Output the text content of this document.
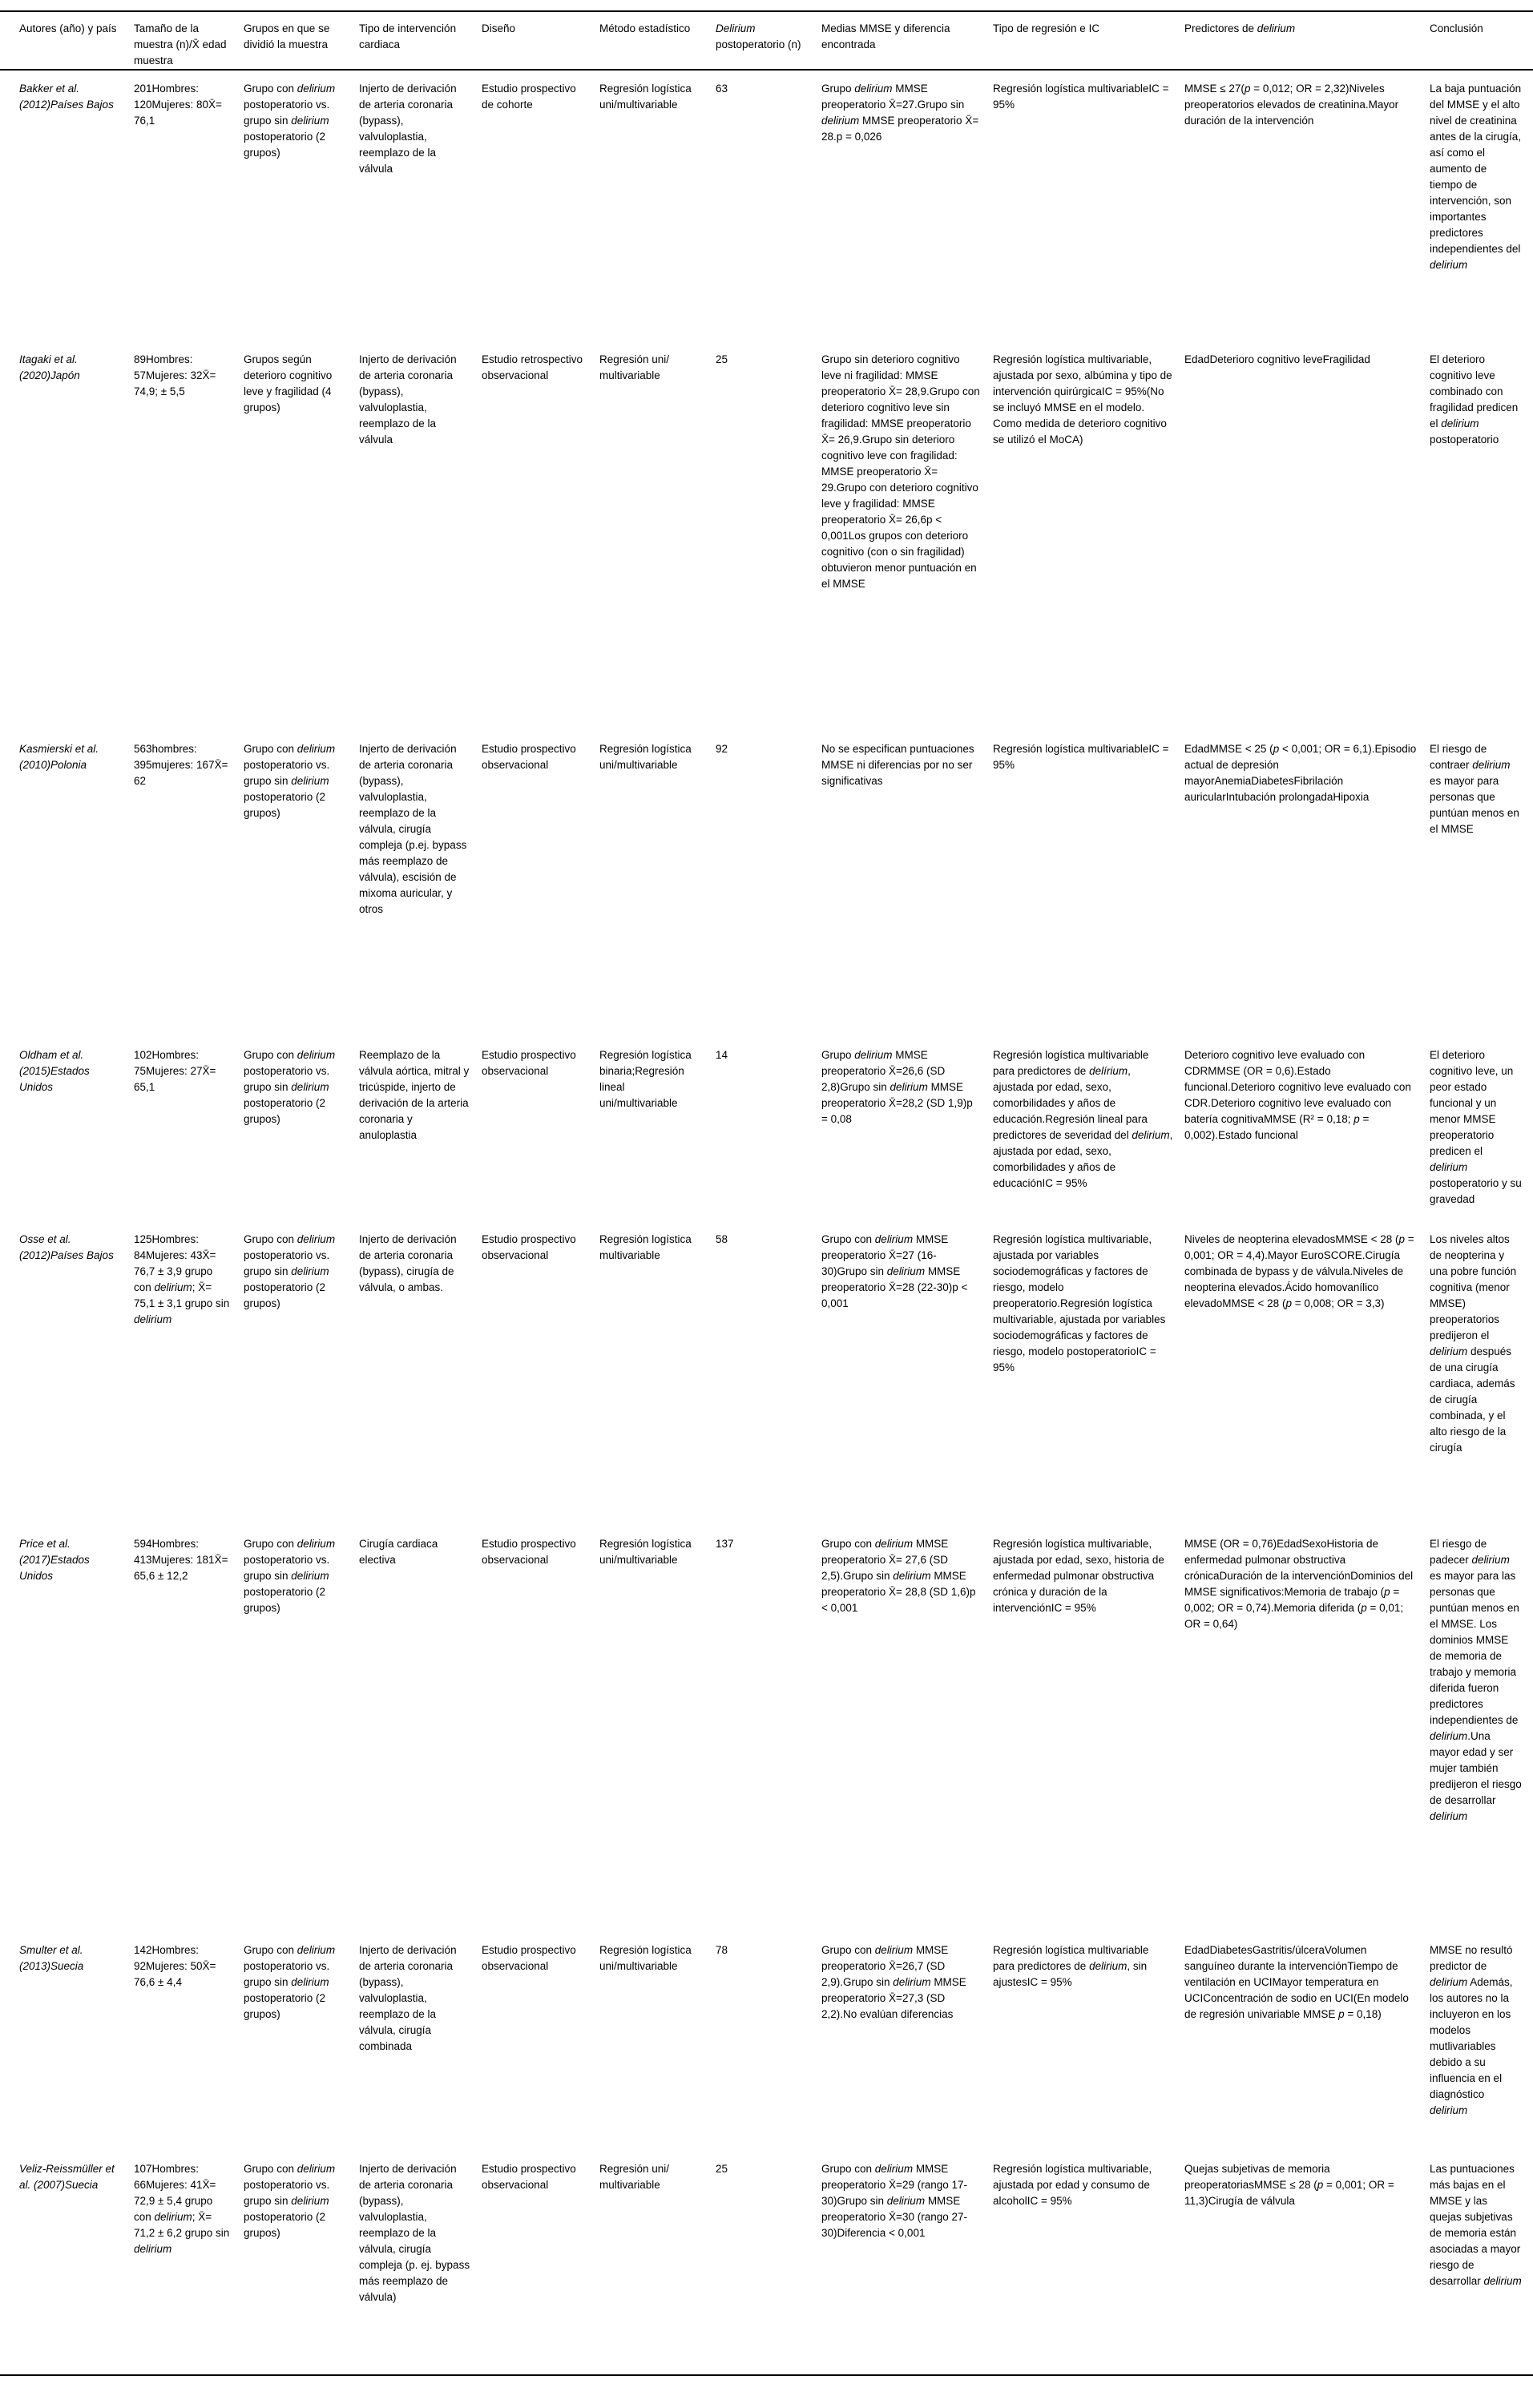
Autores (año) y país	Tamaño de la muestra (n)/X̄ edad muestra	Grupos en que se dividió la muestra	Tipo de intervención cardiaca	Diseño	Método estadístico	Delirium postoperatorio (n)	Medias MMSE y diferencia encontrada	Tipo de regresión e IC	Predictores de delirium	Conclusión
Bakker et al. (2012)Países Bajos	201Hombres: 120Mujeres: 80X̄= 76,1	Grupo con delirium postoperatorio vs. grupo sin delirium postoperatorio (2 grupos)	Injerto de derivación de arteria coronaria (bypass), valvuloplastia, reemplazo de la válvula	Estudio prospectivo de cohorte	Regresión logística uni/multivariable	63	Grupo delirium MMSE preoperatorio X̄=27.Grupo sin delirium MMSE preoperatorio X̄= 28.p = 0,026	Regresión logística multivariableIC = 95%	MMSE ≤ 27(p = 0,012; OR = 2,32)Niveles preoperatorios elevados de creatinina.Mayor duración de la intervención	La baja puntuación del MMSE y el alto nivel de creatinina antes de la cirugía, así como el aumento de tiempo de intervención, son importantes predictores independientes del delirium
Itagaki et al. (2020)Japón	89Hombres: 57Mujeres: 32X̄= 74,9; ± 5,5	Grupos según deterioro cognitivo leve y fragilidad (4 grupos)	Injerto de derivación de arteria coronaria (bypass), valvuloplastia, reemplazo de la válvula	Estudio retrospectivo observacional	Regresión uni/ multivariable	25	Grupo sin deterioro cognitivo leve ni fragilidad: MMSE preoperatorio X̄= 28,9.Grupo con deterioro cognitivo leve sin fragilidad: MMSE preoperatorio X̄= 26,9.Grupo sin deterioro cognitivo leve con fragilidad: MMSE preoperatorio X̄= 29.Grupo con deterioro cognitivo leve y fragilidad: MMSE preoperatorio X̄= 26,6p < 0,001Los grupos con deterioro cognitivo (con o sin fragilidad) obtuvieron menor puntuación en el MMSE	Regresión logística multivariable, ajustada por sexo, albúmina y tipo de intervención quirúrgicaIC = 95%(No se incluyó MMSE en el modelo. Como medida de deterioro cognitivo se utilizó el MoCA)	EdadDeterioro cognitivo leveFragilidad	El deterioro cognitivo leve combinado con fragilidad predicen el delirium postoperatorio
Kasmierski et al. (2010)Polonia	563hombres: 395mujeres: 167X̄= 62	Grupo con delirium postoperatorio vs. grupo sin delirium postoperatorio (2 grupos)	Injerto de derivación de arteria coronaria (bypass), valvuloplastia, reemplazo de la válvula, cirugía compleja (p.ej. bypass más reemplazo de válvula), escisión de mixoma auricular, y otros	Estudio prospectivo observacional	Regresión logística uni/multivariable	92	No se especifican puntuaciones MMSE ni diferencias por no ser significativas	Regresión logística multivariableIC = 95%	EdadMMSE < 25 (p < 0,001; OR = 6,1).Episodio actual de depresión mayorAnemiaDiabetesFibrilación auricularIntubación prolongadaHipoxia	El riesgo de contraer delirium es mayor para personas que puntúan menos en el MMSE
Oldham et al. (2015)Estados Unidos	102Hombres: 75Mujeres: 27X̄= 65,1	Grupo con delirium postoperatorio vs. grupo sin delirium postoperatorio (2 grupos)	Reemplazo de la válvula aórtica, mitral y tricúspide, injerto de derivación de la arteria coronaria y anuloplastia	Estudio prospectivo observacional	Regresión logística binaria;Regresión lineal uni/multivariable	14	Grupo delirium MMSE preoperatorio X̄=26,6 (SD 2,8)Grupo sin delirium MMSE preoperatorio X̄=28,2 (SD 1,9)p = 0,08	Regresión logística multivariable para predictores de delírium, ajustada por edad, sexo, comorbilidades y años de educación.Regresión lineal para predictores de severidad del delirium, ajustada por edad, sexo, comorbilidades y años de educaciónIC = 95%	Deterioro cognitivo leve evaluado con CDRMMSE (OR = 0,6).Estado funcional.Deterioro cognitivo leve evaluado con CDR.Deterioro cognitivo leve evaluado con batería cognitivaMMSE (R² = 0,18; p = 0,002).Estado funcional	El deterioro cognitivo leve, un peor estado funcional y un menor MMSE preoperatorio predicen el delirium postoperatorio y su gravedad
Osse et al. (2012)Países Bajos	125Hombres: 84Mujeres: 43X̄= 76,7 ± 3,9 grupo con delirium; X̄= 75,1 ± 3,1 grupo sin delirium	Grupo con delirium postoperatorio vs. grupo sin delirium postoperatorio (2 grupos)	Injerto de derivación de arteria coronaria (bypass), cirugía de válvula, o ambas.	Estudio prospectivo observacional	Regresión logística multivariable	58	Grupo con delirium MMSE preoperatorio X̄=27 (16-30)Grupo sin delirium MMSE preoperatorio X̄=28 (22-30)p < 0,001	Regresión logística multivariable, ajustada por variables sociodemográficas y factores de riesgo, modelo preoperatorio.Regresión logística multivariable, ajustada por variables sociodemográficas y factores de riesgo, modelo postoperatorioIC = 95%	Niveles de neopterina elevadosMMSE < 28 (p = 0,001; OR = 4,4).Mayor EuroSCORE.Cirugía combinada de bypass y de válvula.Niveles de neopterina elevados.Ácido homovanílico elevadoMMSE < 28 (p = 0,008; OR = 3,3)	Los niveles altos de neopterina y una pobre función cognitiva (menor MMSE) preoperatorios predijeron el delirium después de una cirugía cardiaca, además de cirugía combinada, y el alto riesgo de la cirugía
Price et al. (2017)Estados Unidos	594Hombres: 413Mujeres: 181X̄= 65,6 ± 12,2	Grupo con delirium postoperatorio vs. grupo sin delirium postoperatorio (2 grupos)	Cirugía cardiaca electiva	Estudio prospectivo observacional	Regresión logística uni/multivariable	137	Grupo con delirium MMSE preoperatorio X̄= 27,6 (SD 2,5).Grupo sin delirium MMSE preoperatorio X̄= 28,8 (SD 1,6)p < 0,001	Regresión logística multivariable, ajustada por edad, sexo, historia de enfermedad pulmonar obstructiva crónica y duración de la intervenciónIC = 95%	MMSE (OR = 0,76)EdadSexoHistoria de enfermedad pulmonar obstructiva crónicaDuración de la intervenciónDominios del MMSE significativos:Memoria de trabajo (p = 0,002; OR = 0,74).Memoria diferida (p = 0,01; OR = 0,64)	El riesgo de padecer delirium es mayor para las personas que puntúan menos en el MMSE. Los dominios MMSE de memoria de trabajo y memoria diferida fueron predictores independientes de delirium.Una mayor edad y ser mujer también predijeron el riesgo de desarrollar delirium
Smulter et al. (2013)Suecia	142Hombres: 92Mujeres: 50X̄= 76,6 ± 4,4	Grupo con delirium postoperatorio vs. grupo sin delirium postoperatorio (2 grupos)	Injerto de derivación de arteria coronaria (bypass), valvuloplastia, reemplazo de la válvula, cirugía combinada	Estudio prospectivo observacional	Regresión logística uni/multivariable	78	Grupo con delirium MMSE preoperatorio X̄=26,7 (SD 2,9).Grupo sin delirium MMSE preoperatorio X̄=27,3 (SD 2,2).No evalúan diferencias	Regresión logística multivariable para predictores de delirium, sin ajustesIC = 95%	EdadDiabetesGastritis/úlceraVolumen sanguíneo durante la intervenciónTiempo de ventilación en UCIMayor temperatura en UCIConcentración de sodio en UCI(En modelo de regresión univariable MMSE p = 0,18)	MMSE no resultó predictor de delirium Además, los autores no la incluyeron en los modelos mutlivariables debido a su influencia en el diagnóstico delirium
Veliz-Reissmüller et al. (2007)Suecia	107Hombres: 66Mujeres: 41X̄= 72,9 ± 5,4 grupo con delirium; X̄= 71,2 ± 6,2 grupo sin delirium	Grupo con delirium postoperatorio vs. grupo sin delirium postoperatorio (2 grupos)	Injerto de derivación de arteria coronaria (bypass), valvuloplastia, reemplazo de la válvula, cirugía compleja (p. ej. bypass más reemplazo de válvula)	Estudio prospectivo observacional	Regresión uni/ multivariable	25	Grupo con delirium MMSE preoperatorio X̄=29 (rango 17-30)Grupo sin delirium MMSE preoperatorio X̄=30 (rango 27-30)Diferencia < 0,001	Regresión logística multivariable, ajustada por edad y consumo de alcoholIC = 95%	Quejas subjetivas de memoria preoperatoriasMMSE ≤ 28 (p = 0,001; OR = 11,3)Cirugía de válvula	Las puntuaciones más bajas en el MMSE y las quejas subjetivas de memoria están asociadas a mayor riesgo de desarrollar delirium
